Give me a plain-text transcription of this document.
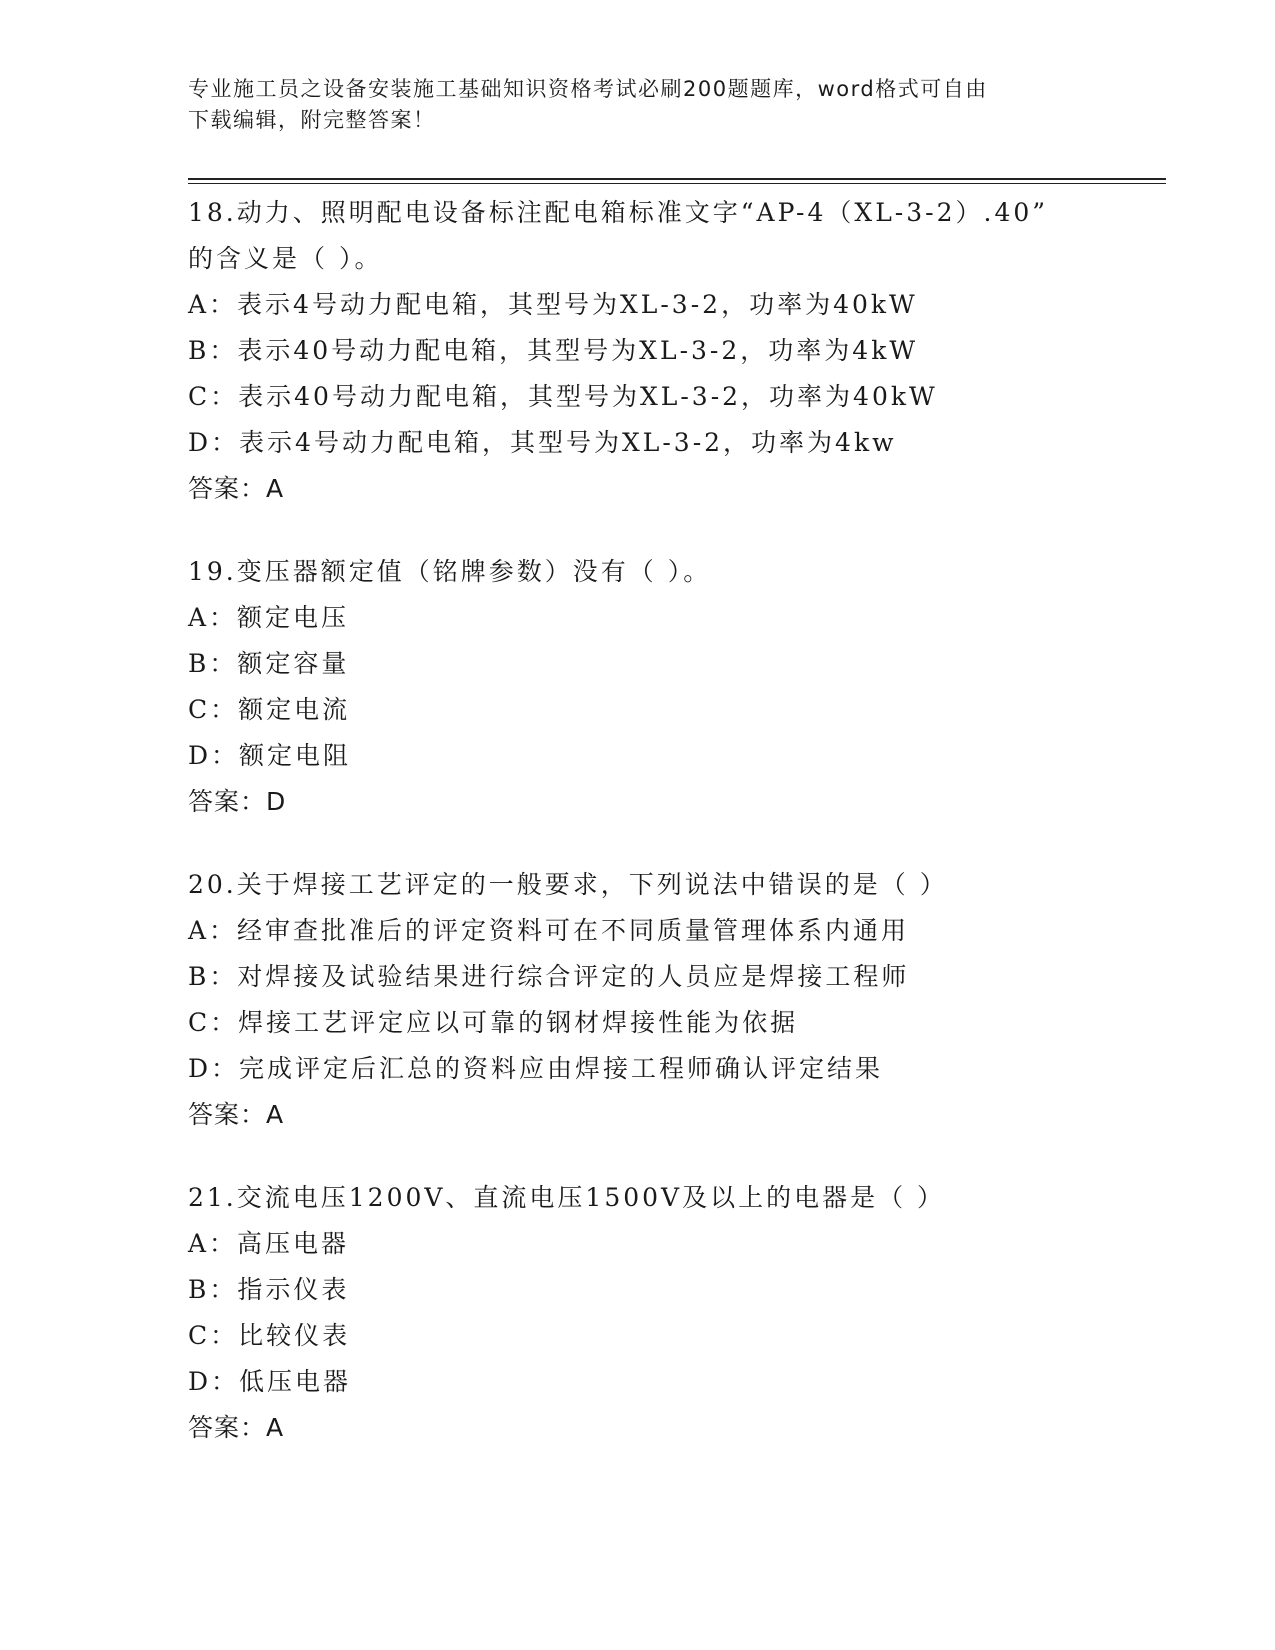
专业施工员之设备安装施工基础知识资格考试必刷200题题库，word格式可自由
下载编辑，附完整答案！
18.动力、照明配电设备标注配电箱标准文字“AP-4（XL-3-2）.40”
的含义是（ ）。
A：表示4号动力配电箱，其型号为XL-3-2，功率为40kW
B：表示40号动力配电箱，其型号为XL-3-2，功率为4kW
C：表示40号动力配电箱，其型号为XL-3-2，功率为40kW
D：表示4号动力配电箱，其型号为XL-3-2，功率为4kw
答案：A
19.变压器额定值（铭牌参数）没有（ ）。
A：额定电压
B：额定容量
C：额定电流
D：额定电阻
答案：D
20.关于焊接工艺评定的一般要求，下列说法中错误的是（ ）
A：经审查批准后的评定资料可在不同质量管理体系内通用
B：对焊接及试验结果进行综合评定的人员应是焊接工程师
C：焊接工艺评定应以可靠的钢材焊接性能为依据
D：完成评定后汇总的资料应由焊接工程师确认评定结果
答案：A
21.交流电压1200V、直流电压1500V及以上的电器是（ ）
A：高压电器
B：指示仪表
C：比较仪表
D：低压电器
答案：A
